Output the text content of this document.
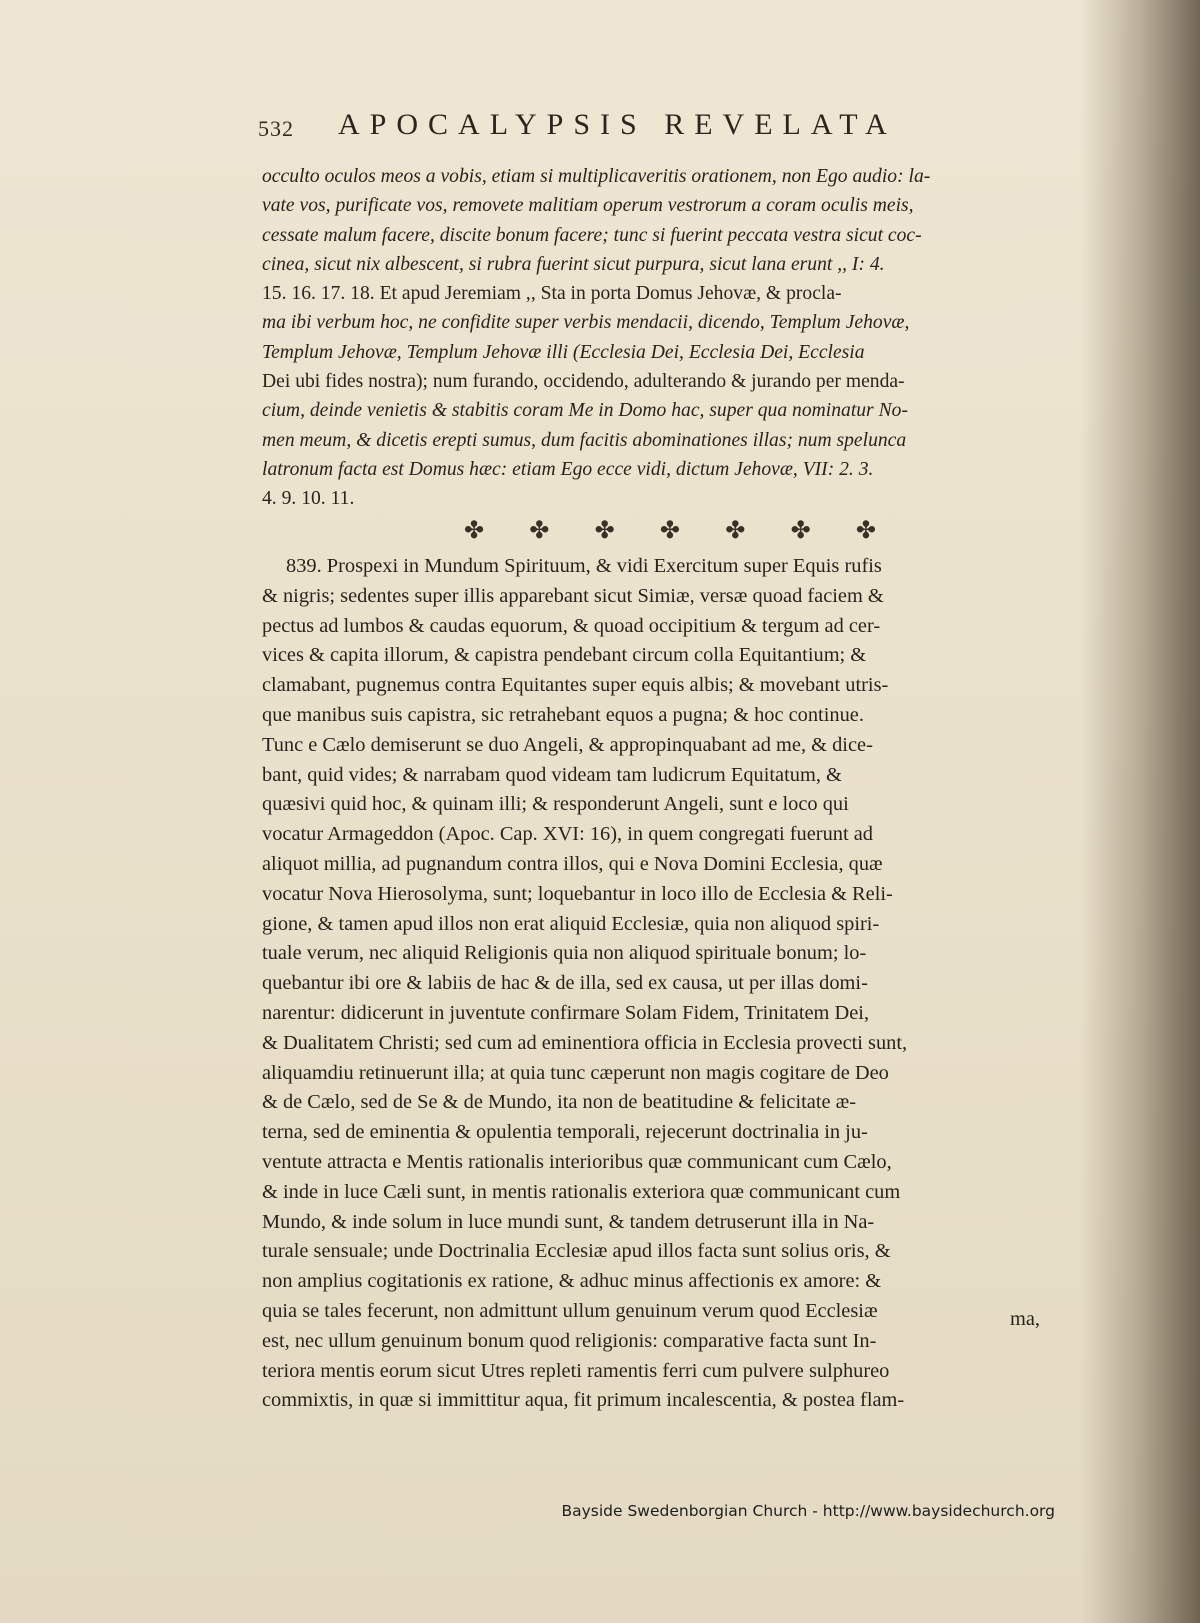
532 APOCALYPSIS REVELATA
occulto oculos meos a vobis, etiam si multiplicaveritis orationem, non Ego audio: la-
vate vos, purificate vos, removete malitiam operum vestrorum a coram oculis meis,
cessate malum facere, discite bonum facere; tunc si fuerint peccata vestra sicut coc-
cinea, sicut nix albescent, si rubra fuerint sicut purpura, sicut lana erunt ,, I: 4.
15. 16. 17. 18. Et apud Jeremiam ,, Sta in porta Domus Jehovæ, & procla-
ma ibi verbum hoc, ne confidite super verbis mendacii, dicendo, Templum Jehovæ,
Templum Jehovæ, Templum Jehovæ illi (Ecclesia Dei, Ecclesia Dei, Ecclesia
Dei ubi fides nostra); num furando, occidendo, adulterando & jurando per menda-
cium, deinde venietis & stabitis coram Me in Domo hac, super qua nominatur No-
men meum, & dicetis erepti sumus, dum facitis abominationes illas; num spelunca
latronum facta est Domus hæc: etiam Ego ecce vidi, dictum Jehovæ, VII: 2. 3.
4. 9. 10. 11.
✤ ✤ ✤ ✤ ✤ ✤ ✤
839. Prospexi in Mundum Spirituum, & vidi Exercitum super Equis rufis
& nigris; sedentes super illis apparebant sicut Simiæ, versæ quoad faciem &
pectus ad lumbos & caudas equorum, & quoad occipitium & tergum ad cer-
vices & capita illorum, & capistra pendebant circum colla Equitantium; &
clamabant, pugnemus contra Equitantes super equis albis; & movebant utris-
que manibus suis capistra, sic retrahebant equos a pugna; & hoc continue.
Tunc e Cælo demiserunt se duo Angeli, & appropinquabant ad me, & dice-
bant, quid vides; & narrabam quod videam tam ludicrum Equitatum, &
quæsivi quid hoc, & quinam illi; & responderunt Angeli, sunt e loco qui
vocatur Armageddon (Apoc. Cap. XVI: 16), in quem congregati fuerunt ad
aliquot millia, ad pugnandum contra illos, qui e Nova Domini Ecclesia, quæ
vocatur Nova Hierosolyma, sunt; loquebantur in loco illo de Ecclesia & Reli-
gione, & tamen apud illos non erat aliquid Ecclesiæ, quia non aliquod spiri-
tuale verum, nec aliquid Religionis quia non aliquod spirituale bonum; lo-
quebantur ibi ore & labiis de hac & de illa, sed ex causa, ut per illas domi-
narentur: didicerunt in juventute confirmare Solam Fidem, Trinitatem Dei,
& Dualitatem Christi; sed cum ad eminentiora officia in Ecclesia provecti sunt,
aliquamdiu retinuerunt illa; at quia tunc cæperunt non magis cogitare de Deo
& de Cælo, sed de Se & de Mundo, ita non de beatitudine & felicitate æ-
terna, sed de eminentia & opulentia temporali, rejecerunt doctrinalia in ju-
ventute attracta e Mentis rationalis interioribus quæ communicant cum Cælo,
& inde in luce Cæli sunt, in mentis rationalis exteriora quæ communicant cum
Mundo, & inde solum in luce mundi sunt, & tandem detruserunt illa in Na-
turale sensuale; unde Doctrinalia Ecclesiæ apud illos facta sunt solius oris, &
non amplius cogitationis ex ratione, & adhuc minus affectionis ex amore: &
quia se tales fecerunt, non admittunt ullum genuinum verum quod Ecclesiæ
est, nec ullum genuinum bonum quod religionis: comparative facta sunt In-
teriora mentis eorum sicut Utres repleti ramentis ferri cum pulvere sulphureo
commixtis, in quæ si immittitur aqua, fit primum incalescentia, & postea flam-
ma,
Bayside Swedenborgian Church - http://www.baysidechurch.org
